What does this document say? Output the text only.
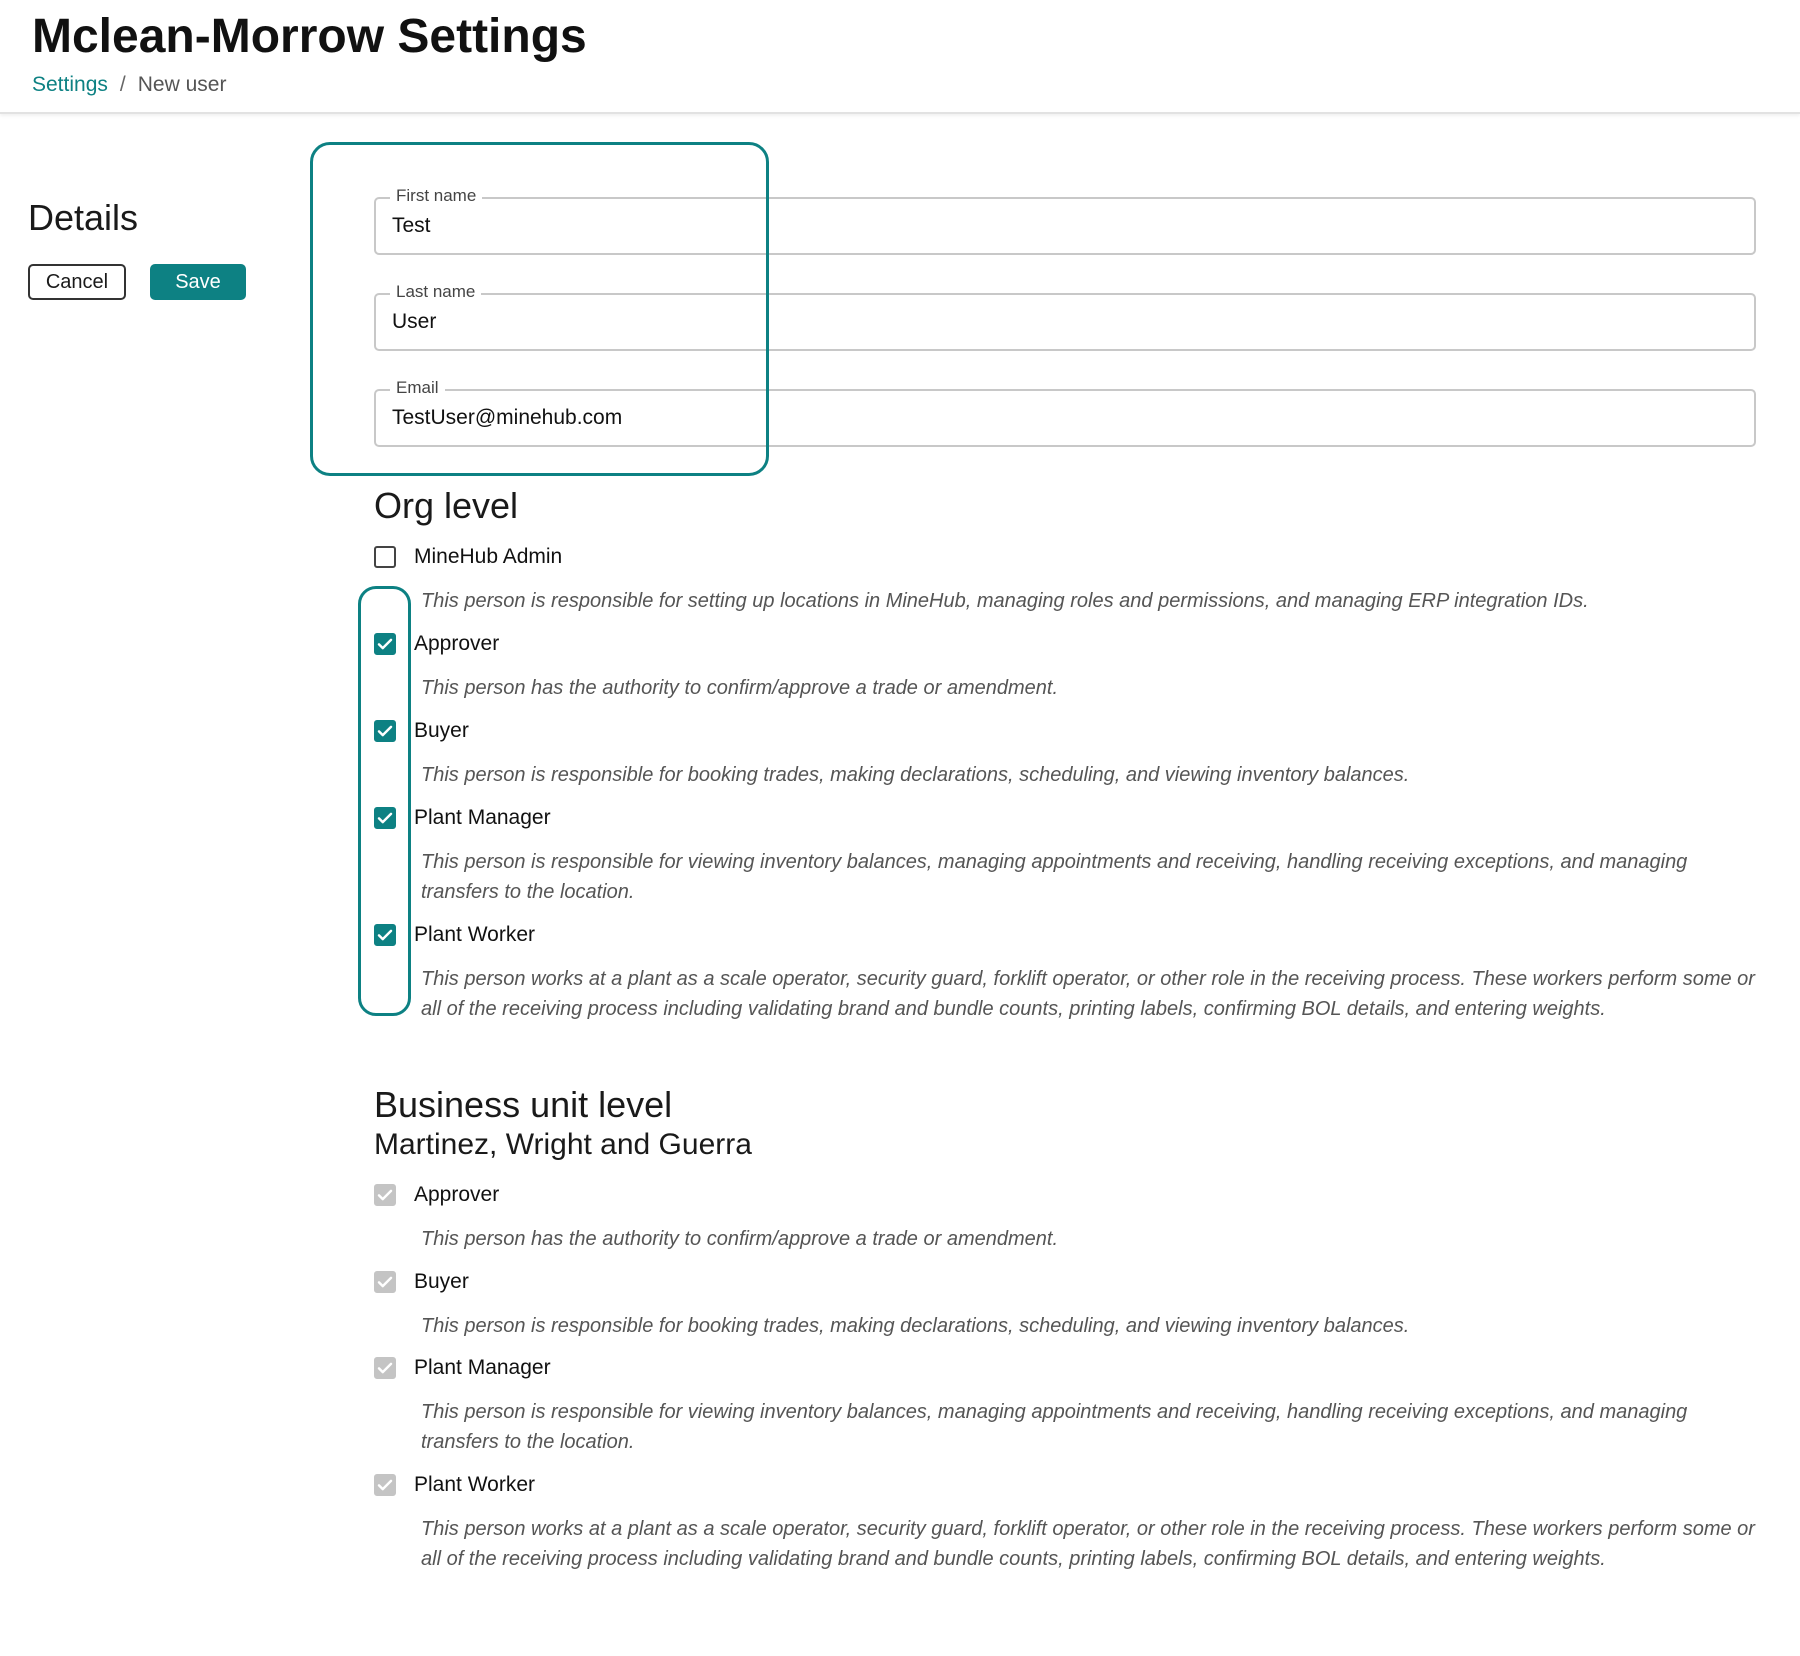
Mclean-Morrow Settings
Settings / New user
Details
Cancel	Save
First name
Test
Last name
User
Email
TestUser@minehub.com
Org level
MineHub Admin
This person is responsible for setting up locations in MineHub, managing roles and permissions, and managing ERP integration IDs.
Approver
This person has the authority to confirm/approve a trade or amendment.
Buyer
This person is responsible for booking trades, making declarations, scheduling, and viewing inventory balances.
Plant Manager
This person is responsible for viewing inventory balances, managing appointments and receiving, handling receiving exceptions, and managing transfers to the location.
Plant Worker
This person works at a plant as a scale operator, security guard, forklift operator, or other role in the receiving process. These workers perform some or all of the receiving process including validating brand and bundle counts, printing labels, confirming BOL details, and entering weights.
Business unit level
Martinez, Wright and Guerra
Approver
This person has the authority to confirm/approve a trade or amendment.
Buyer
This person is responsible for booking trades, making declarations, scheduling, and viewing inventory balances.
Plant Manager
This person is responsible for viewing inventory balances, managing appointments and receiving, handling receiving exceptions, and managing transfers to the location.
Plant Worker
This person works at a plant as a scale operator, security guard, forklift operator, or other role in the receiving process. These workers perform some or all of the receiving process including validating brand and bundle counts, printing labels, confirming BOL details, and entering weights.
